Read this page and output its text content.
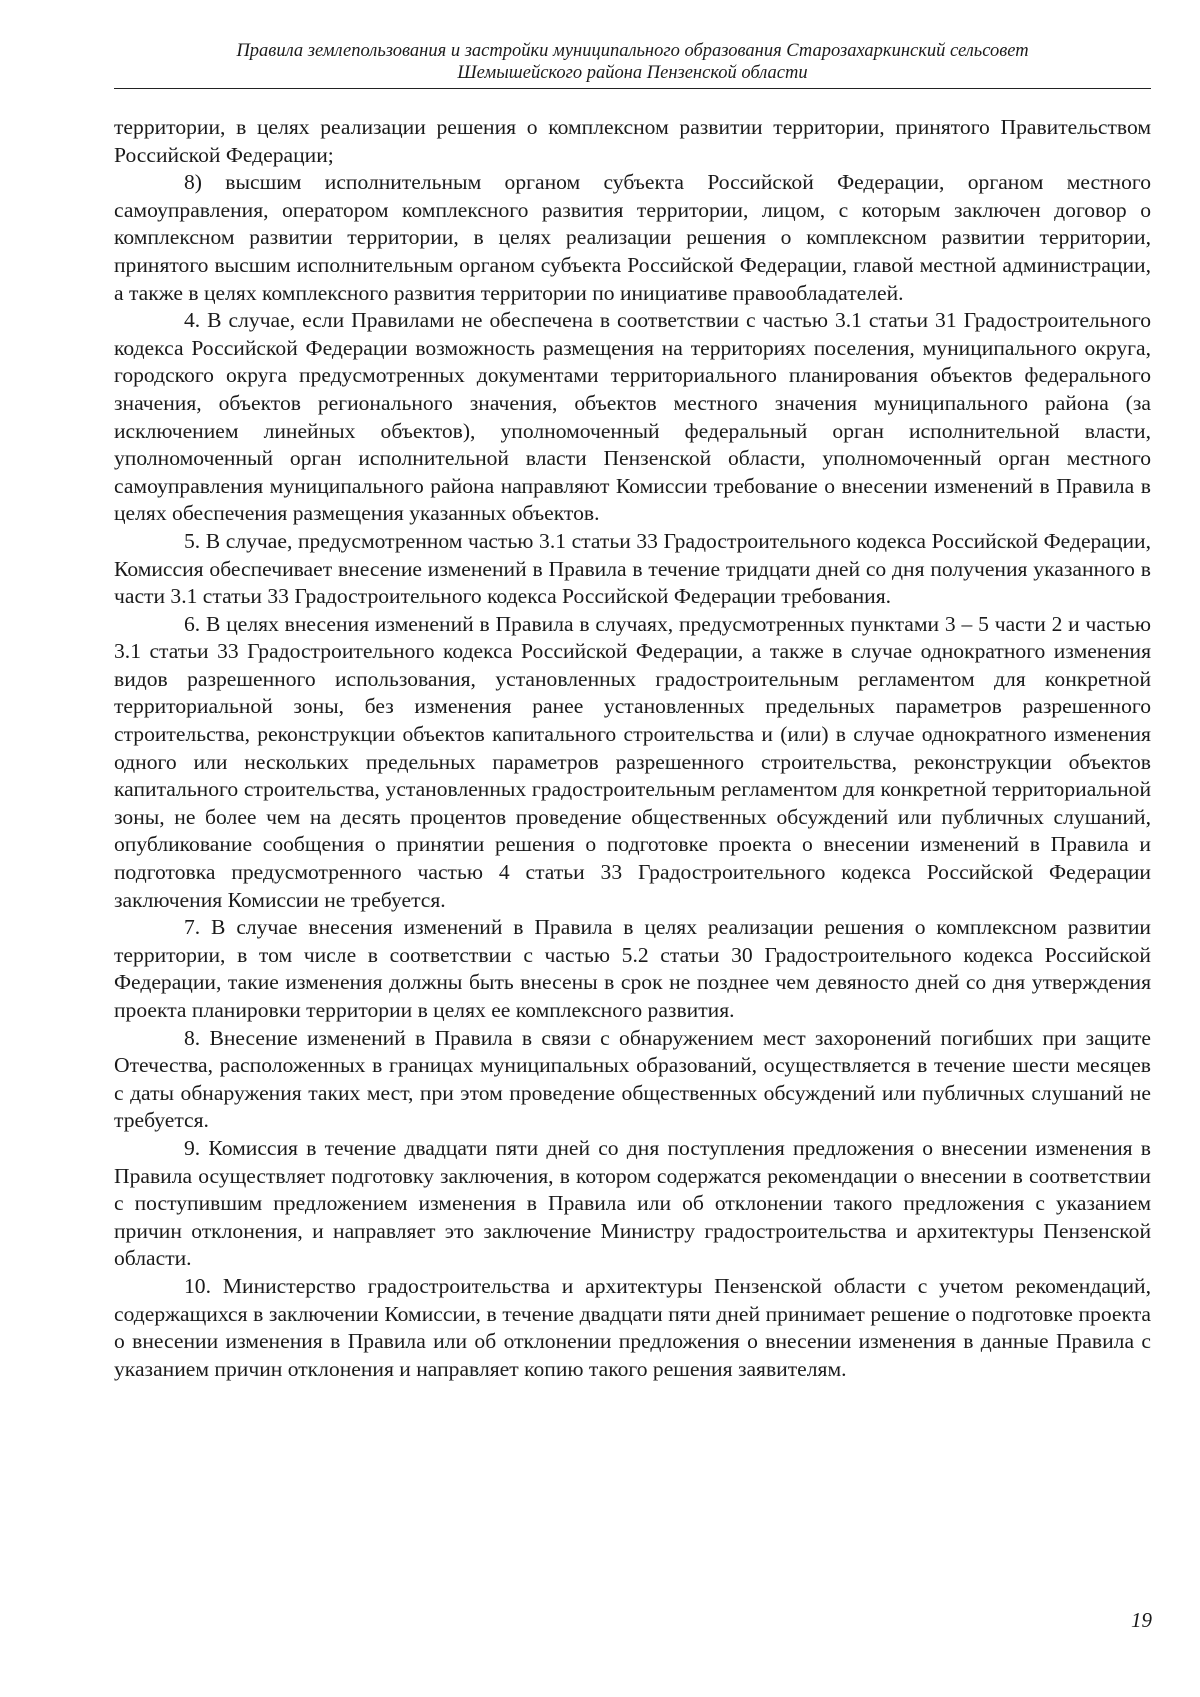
Правила землепользования и застройки муниципального образования Старозахаркинский сельсовет
Шемышейского района Пензенской области

территории, в целях реализации решения о комплексном развитии территории, принятого Правительством Российской Федерации;

8) высшим исполнительным органом субъекта Российской Федерации, органом местного самоуправления, оператором комплексного развития территории, лицом, с которым заключен договор о комплексном развитии территории, в целях реализации решения о комплексном развитии территории, принятого высшим исполнительным органом субъекта Российской Федерации, главой местной администрации, а также в целях комплексного развития территории по инициативе правообладателей.

4. В случае, если Правилами не обеспечена в соответствии с частью 3.1 статьи 31 Градостроительного кодекса Российской Федерации возможность размещения на территориях поселения, муниципального округа, городского округа предусмотренных документами территориального планирования объектов федерального значения, объектов регионального значения, объектов местного значения муниципального района (за исключением линейных объектов), уполномоченный федеральный орган исполнительной власти, уполномоченный орган исполнительной власти Пензенской области, уполномоченный орган местного самоуправления муниципального района направляют Комиссии требование о внесении изменений в Правила в целях обеспечения размещения указанных объектов.

5. В случае, предусмотренном частью 3.1 статьи 33 Градостроительного кодекса Российской Федерации, Комиссия обеспечивает внесение изменений в Правила в течение тридцати дней со дня получения указанного в части 3.1 статьи 33 Градостроительного кодекса Российской Федерации требования.

6. В целях внесения изменений в Правила в случаях, предусмотренных пунктами 3 – 5 части 2 и частью 3.1 статьи 33 Градостроительного кодекса Российской Федерации, а также в случае однократного изменения видов разрешенного использования, установленных градостроительным регламентом для конкретной территориальной зоны, без изменения ранее установленных предельных параметров разрешенного строительства, реконструкции объектов капитального строительства и (или) в случае однократного изменения одного или нескольких предельных параметров разрешенного строительства, реконструкции объектов капитального строительства, установленных градостроительным регламентом для конкретной территориальной зоны, не более чем на десять процентов проведение общественных обсуждений или публичных слушаний, опубликование сообщения о принятии решения о подготовке проекта о внесении изменений в Правила и подготовка предусмотренного частью 4 статьи 33 Градостроительного кодекса Российской Федерации заключения Комиссии не требуется.

7. В случае внесения изменений в Правила в целях реализации решения о комплексном развитии территории, в том числе в соответствии с частью 5.2 статьи 30 Градостроительного кодекса Российской Федерации, такие изменения должны быть внесены в срок не позднее чем девяносто дней со дня утверждения проекта планировки территории в целях ее комплексного развития.

8. Внесение изменений в Правила в связи с обнаружением мест захоронений погибших при защите Отечества, расположенных в границах муниципальных образований, осуществляется в течение шести месяцев с даты обнаружения таких мест, при этом проведение общественных обсуждений или публичных слушаний не требуется.

9. Комиссия в течение двадцати пяти дней со дня поступления предложения о внесении изменения в Правила осуществляет подготовку заключения, в котором содержатся рекомендации о внесении в соответствии с поступившим предложением изменения в Правила или об отклонении такого предложения с указанием причин отклонения, и направляет это заключение Министру градостроительства и архитектуры Пензенской области.

10. Министерство градостроительства и архитектуры Пензенской области с учетом рекомендаций, содержащихся в заключении Комиссии, в течение двадцати пяти дней принимает решение о подготовке проекта о внесении изменения в Правила или об отклонении предложения о внесении изменения в данные Правила с указанием причин отклонения и направляет копию такого решения заявителям.

19
